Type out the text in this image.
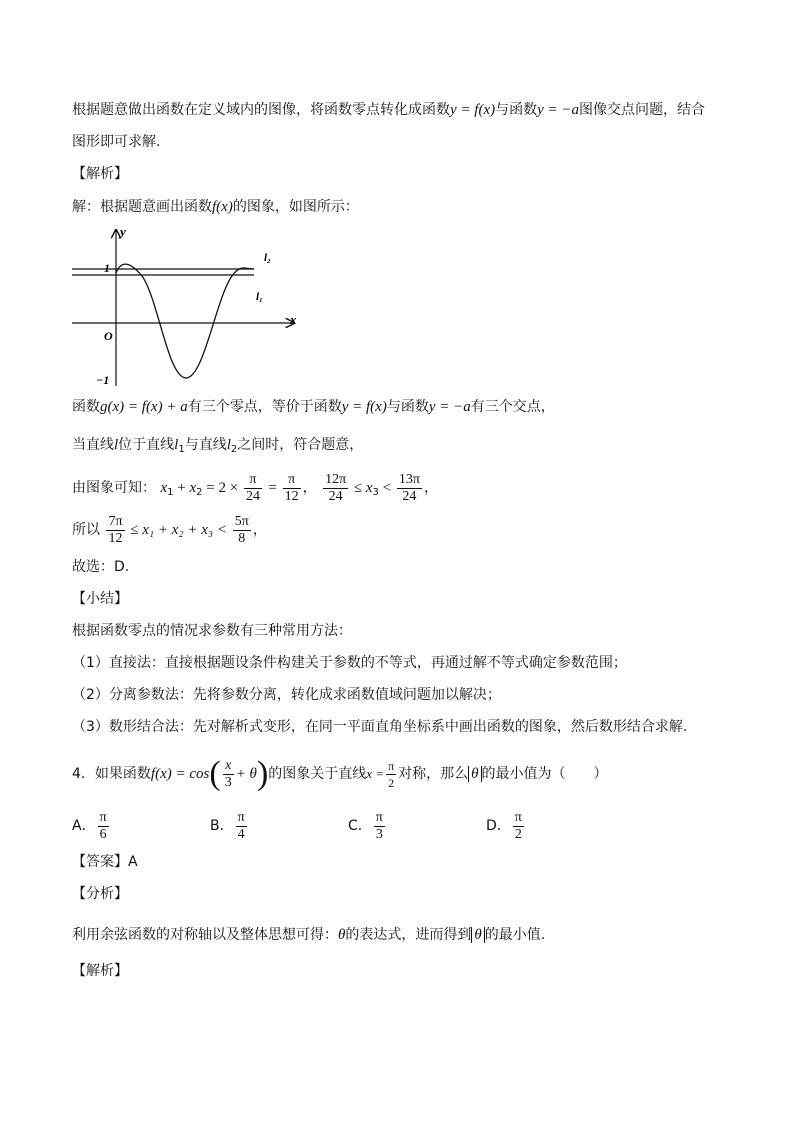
根据题意做出函数在定义域内的图像，将函数零点转化成函数y = f(x)与函数y = −a图像交点问题，结合
图形即可求解.
【解析】
解：根据题意画出函数f(x)的图象，如图所示：
y
x
O
1
−1
l₂
l₁
函数g(x) = f(x) + a有三个零点，等价于函数y = f(x)与函数y = −a有三个交点，
当直线l位于直线$l_1$与直线$l_2$之间时，符合题意，
由图象可知： $x_1 + x_2 = 2 \times \frac{\pi}{24} = \frac{\pi}{12}$ ， $\frac{12\pi}{24} \le x_3 < \frac{13\pi}{24}$ ，
所以 $\frac{7\pi}{12} \le x_1 + x_2 + x_3 < \frac{5\pi}{8}$ ，
故选：D.
【小结】
根据函数零点的情况求参数有三种常用方法：
（1）直接法：直接根据题设条件构建关于参数的不等式，再通过解不等式确定参数范围；
（2）分离参数法：先将参数分离，转化成求函数值域问题加以解决；
（3）数形结合法：先对解析式变形，在同一平面直角坐标系中画出函数的图象，然后数形结合求解.
4．如果函数$f(x) = \cos( \frac{x}{3} + \theta)$的图象关于直线$x = \frac{\pi}{2}$ 对称，那么 θ 的最小值为（　　）
A． $\frac{\pi}{6}$	B． $\frac{\pi}{4}$	C． $\frac{\pi}{3}$	D． $\frac{\pi}{2}$
【答案】A
【分析】
利用余弦函数的对称轴以及整体思想可得：θ的表达式，进而得到 θ 的最小值.
【解析】
